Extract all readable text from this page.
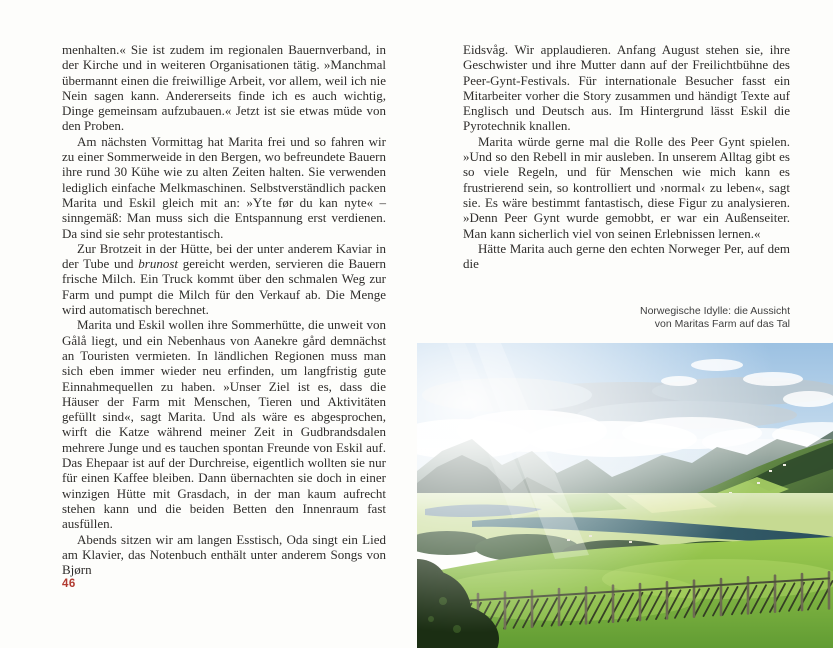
menhalten.« Sie ist zudem im regionalen Bauernverband, in der Kirche und in weiteren Organisationen tätig. »Manchmal übermannt einen die freiwillige Arbeit, vor allem, weil ich nie Nein sagen kann. Andererseits finde ich es auch wichtig, Dinge gemeinsam aufzubauen.« Jetzt ist sie etwas müde von den Proben.

Am nächsten Vormittag hat Marita frei und so fahren wir zu einer Sommerweide in den Bergen, wo befreundete Bauern ihre rund 30 Kühe wie zu alten Zeiten halten. Sie verwenden lediglich einfache Melkmaschinen. Selbstverständlich packen Marita und Eskil gleich mit an: »Yte før du kan nyte« – sinngemäß: Man muss sich die Entspannung erst verdienen. Da sind sie sehr protestantisch.

Zur Brotzeit in der Hütte, bei der unter anderem Kaviar in der Tube und brunost gereicht werden, servieren die Bauern frische Milch. Ein Truck kommt über den schmalen Weg zur Farm und pumpt die Milch für den Verkauf ab. Die Menge wird automatisch berechnet.

Marita und Eskil wollen ihre Sommerhütte, die unweit von Gålå liegt, und ein Nebenhaus von Aanekre gård demnächst an Touristen vermieten. In ländlichen Regionen muss man sich eben immer wieder neu erfinden, um langfristig gute Einnahmequellen zu haben. »Unser Ziel ist es, dass die Häuser der Farm mit Menschen, Tieren und Aktivitäten gefüllt sind«, sagt Marita. Und als wäre es abgesprochen, wirft die Katze während meiner Zeit in Gudbrandsdalen mehrere Junge und es tauchen spontan Freunde von Eskil auf. Das Ehepaar ist auf der Durchreise, eigentlich wollten sie nur für einen Kaffee bleiben. Dann übernachten sie doch in einer winzigen Hütte mit Grasdach, in der man kaum aufrecht stehen kann und die beiden Betten den Innenraum fast ausfüllen.

Abends sitzen wir am langen Esstisch, Oda singt ein Lied am Klavier, das Notenbuch enthält unter anderem Songs von Bjørn

46

Eidsvåg. Wir applaudieren. Anfang August stehen sie, ihre Geschwister und ihre Mutter dann auf der Freilichtbühne des Peer-Gynt-Festivals. Für internationale Besucher fasst ein Mitarbeiter vorher die Story zusammen und händigt Texte auf Englisch und Deutsch aus. Im Hintergrund lässt Eskil die Pyrotechnik knallen.

Marita würde gerne mal die Rolle des Peer Gynt spielen. »Und so den Rebell in mir ausleben. In unserem Alltag gibt es so viele Regeln, und für Menschen wie mich kann es frustrierend sein, so kontrolliert und ›normal‹ zu leben«, sagt sie. Es wäre bestimmt fantastisch, diese Figur zu analysieren. »Denn Peer Gynt wurde gemobbt, er war ein Außenseiter. Man kann sicherlich viel von seinen Erlebnissen lernen.«

Hätte Marita auch gerne den echten Norweger Per, auf dem die

Norwegische Idylle: die Aussicht
von Maritas Farm auf das Tal
